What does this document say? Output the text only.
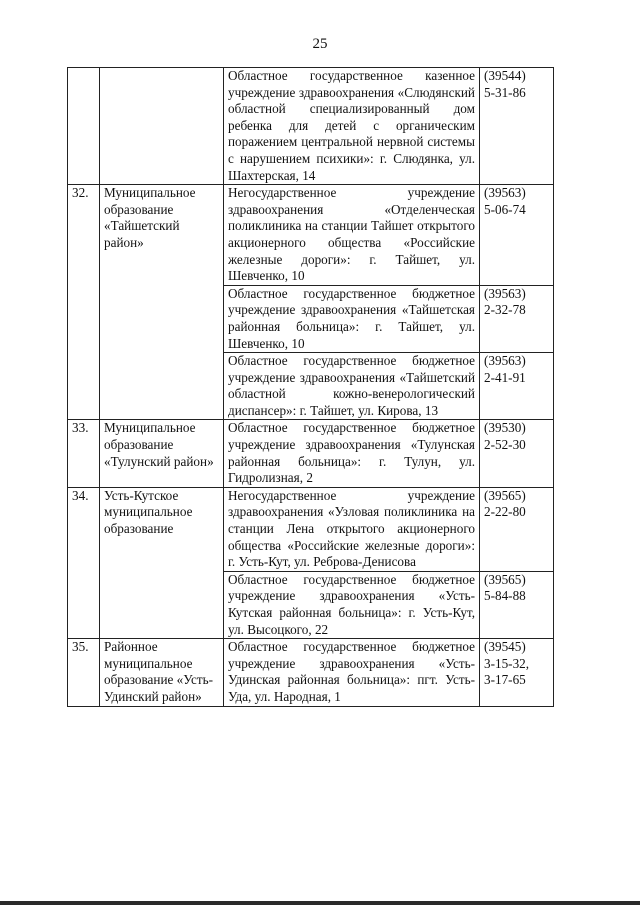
25
		Областное государственное казенное учреждение здравоохранения «Слюдянский областной специализированный дом ребенка для детей с органическим поражением центральной нервной системы с нарушением психики»: г. Слюдянка, ул. Шахтерская, 14	(39544)
5-31-86

32.	Муниципальное образование «Тайшетский район»	Негосударственное учреждение здравоохранения «Отделенческая поликлиника на станции Тайшет открытого акционерного общества «Российские железные дороги»: г. Тайшет, ул. Шевченко, 10	(39563)
5-06-74

		Областное государственное бюджетное учреждение здравоохранения «Тайшетская районная больница»: г. Тайшет, ул. Шевченко, 10	(39563)
2-32-78

		Областное государственное бюджетное учреждение здравоохранения «Тайшетский областной кожно-венерологический диспансер»: г. Тайшет, ул. Кирова, 13	(39563)
2-41-91

33.	Муниципальное образование «Тулунский район»	Областное государственное бюджетное учреждение здравоохранения «Тулунская районная больница»: г. Тулун, ул. Гидролизная, 2	(39530)
2-52-30

34.	Усть-Кутское муниципальное образование	Негосударственное учреждение здравоохранения «Узловая поликлиника на станции Лена открытого акционерного общества «Российские железные дороги»: г. Усть-Кут, ул. Реброва-Денисова	(39565)
2-22-80

		Областное государственное бюджетное учреждение здравоохранения «Усть-Кутская районная больница»: г. Усть-Кут, ул. Высоцкого, 22	(39565)
5-84-88

35.	Районное муниципальное образование «Усть-Удинский район»	Областное государственное бюджетное учреждение здравоохранения «Усть-Удинская районная больница»: пгт. Усть-Уда, ул. Народная, 1	(39545)
3-15-32,
3-17-65
